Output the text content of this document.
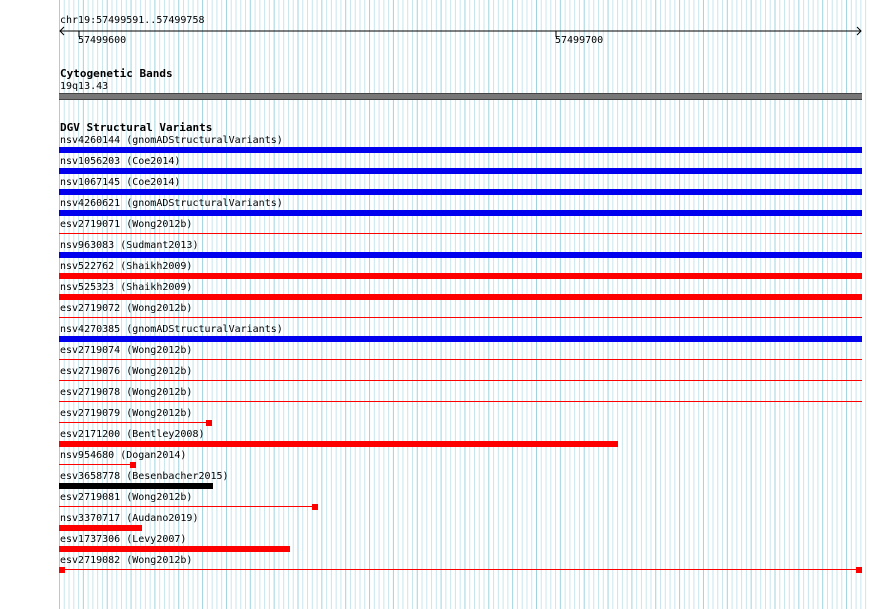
chr19:57499591..57499758
57499600	57499700
Cytogenetic Bands
19q13.43
DGV Structural Variants
nsv4260144 (gnomADStructuralVariants)
nsv1056203 (Coe2014)
nsv1067145 (Coe2014)
nsv4260621 (gnomADStructuralVariants)
esv2719071 (Wong2012b)
nsv963083 (Sudmant2013)
nsv522762 (Shaikh2009)
nsv525323 (Shaikh2009)
esv2719072 (Wong2012b)
nsv4270385 (gnomADStructuralVariants)
esv2719074 (Wong2012b)
esv2719076 (Wong2012b)
esv2719078 (Wong2012b)
esv2719079 (Wong2012b)
esv2171200 (Bentley2008)
nsv954680 (Dogan2014)
esv3658778 (Besenbacher2015)
esv2719081 (Wong2012b)
nsv3370717 (Audano2019)
esv1737306 (Levy2007)
esv2719082 (Wong2012b)
